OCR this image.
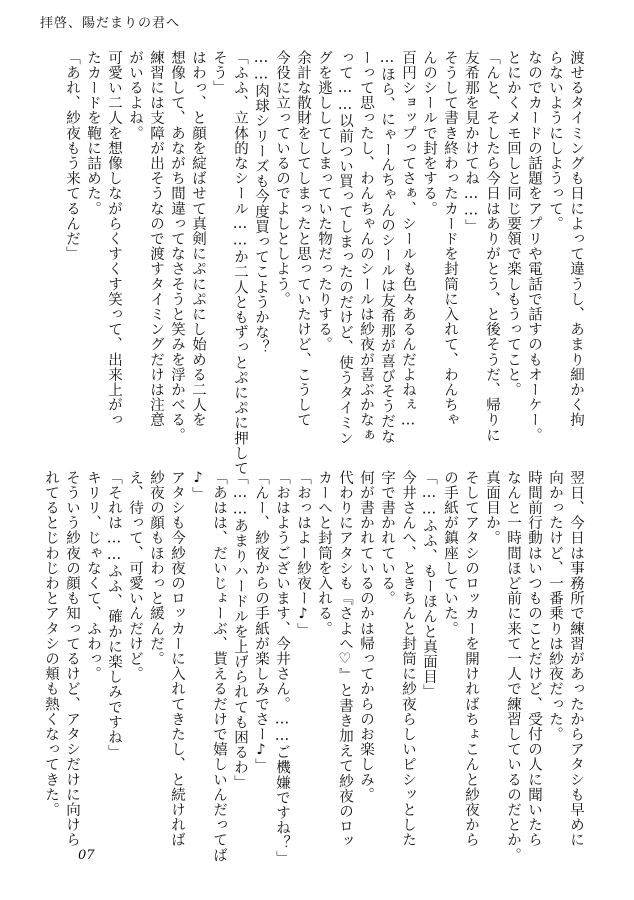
拝啓、陽だまりの君へ

渡せるタイミングも日によって違うし、あまり細かく拘

らないようにしようって。

なのでカードの話題をアプリや電話で話すのもオーケー。

とにかくメモ回しと同じ要領で楽しもうってこと。

「んと、そしたら今日はありがとう、と後そうだ、帰りに

友希那を見かけてね……」

そうして書き終わったカードを封筒に入れて、わんちゃ

んのシールで封をする。

百円ショップってさぁ、シールも色々あるんだよねぇ…

…ほら、にゃーんちゃんのシールは友希那が喜びそうだな

ーって思ったし、わんちゃんのシールは紗夜が喜ぶかなぁ

って……以前つい買ってしまったのだけど、使うタイミン

グを逃ししてしまっていた物だったりする。

余計な散財をしてしまったと思っていたけど、こうして

今役に立っているのでよしとしよう。

……肉球シリーズも今度買ってこようかな？

「ふふ、立体的なシール……か二人ともずっとぷにぷに押して

そう」

はわっ、と顔を綻ばせて真剣にぷにぷにし始める二人を

想像して、あながち間違ってなさそうと笑みを浮かべる。

練習には支障が出そうなので渡すタイミングだけは注意

がいるよね。

可愛い二人を想像しながらくすくす笑って、出来上がっ

たカードを鞄に詰めた。

「あれ、紗夜もう来てるんだ」

翌日、今日は事務所で練習があったからアタシも早めに

向かったけど、一番乗りは紗夜だった。

時間前行動はいつものことだけど、受付の人に聞いたら

なんと一時間ほど前に来て一人で練習しているのだとか。

真面目か。

そしてアタシのロッカーを開ければちょこんと紗夜から

の手紙が鎮座していた。

「……ふふ、もーほんと真面目」

今井さんへ、ときちんと封筒に紗夜らしいピシッとした

字で書かれている。

何が書かれているのかは帰ってからのお楽しみ。

代わりにアタシも『さよへ♡』と書き加えて紗夜のロッ

カーへと封筒を入れる。

「おっはよー紗夜ー♪」

「おはようございます、今井さん。……ご機嫌ですね？」

「んー、紗夜からの手紙が楽しみでさー♪」

「……あまりハードルを上げられても困るわ」

「あはは、だいじょーぶ、貰えるだけで嬉しいんだってば

♪」

アタシも今紗夜のロッカーに入れてきたし、と続ければ

紗夜の顔もほわっと緩んだ。

え、待って、可愛いんだけど。

「それは……ふふ、確かに楽しみですね」

キリリ、じゃなくて、ふわっ。

そういう紗夜の顔も知ってるけど、アタシだけに向けら

れてるとじわじわとアタシの頬も熱くなってきた。

07
